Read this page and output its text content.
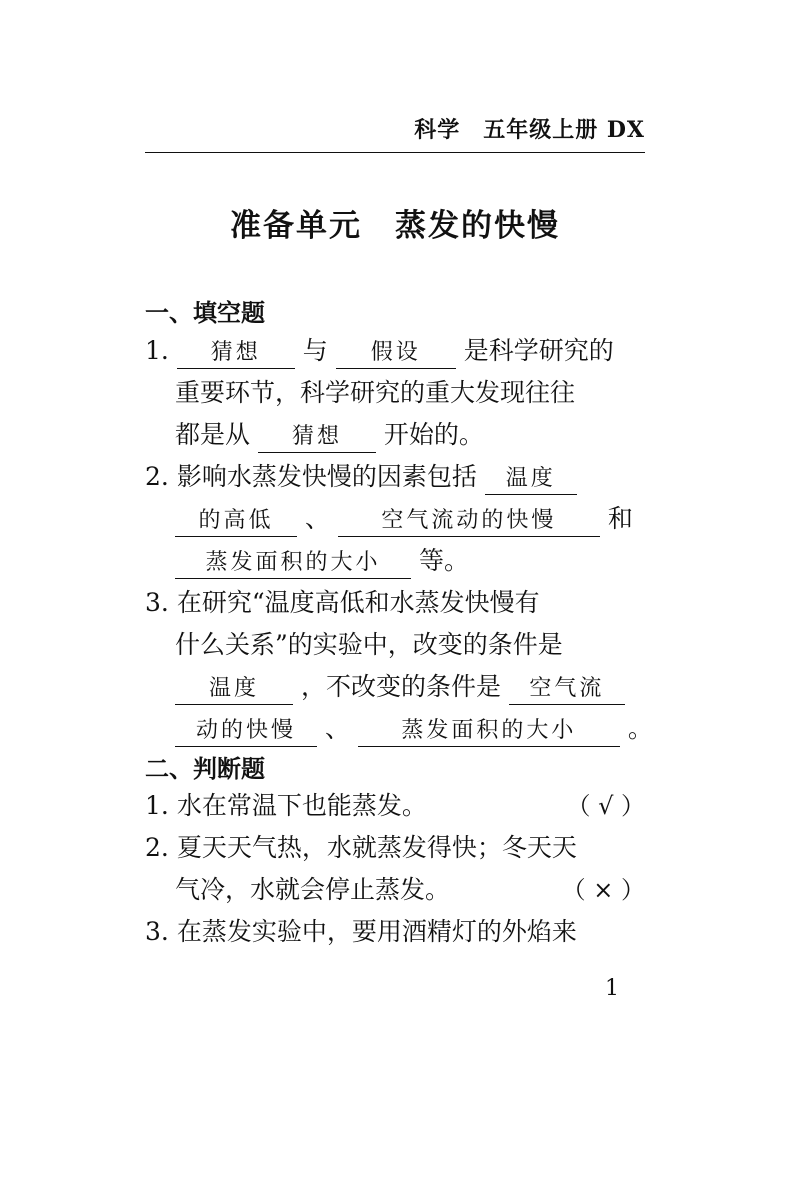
科学　五年级上册 DX
准备单元　蒸发的快慢
一、填空题
1. 猜想 与 假设 是科学研究的
重要环节，科学研究的重大发现往往
都是从 猜想 开始的。
2. 影响水蒸发快慢的因素包括 温度
的高低 、 空气流动的快慢 和
蒸发面积的大小 等。
3. 在研究“温度高低和水蒸发快慢有
什么关系”的实验中，改变的条件是
温度 ，不改变的条件是 空气流
动的快慢 、 蒸发面积的大小 。
二、判断题
1. 水在常温下也能蒸发。	（ √ ）
2. 夏天天气热，水就蒸发得快；冬天天
气冷，水就会停止蒸发。	（ × ）
3. 在蒸发实验中，要用酒精灯的外焰来
1
